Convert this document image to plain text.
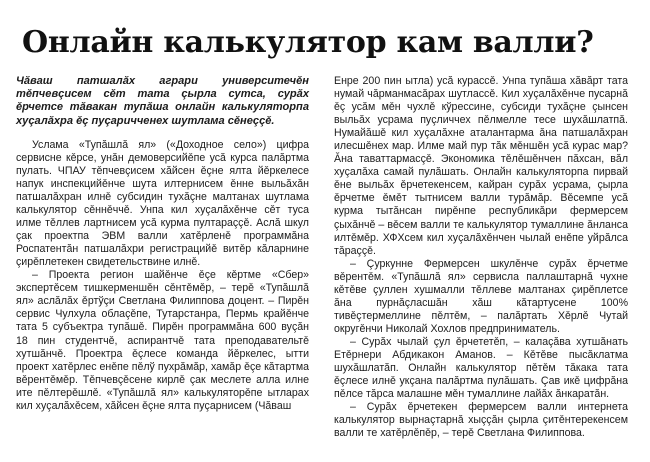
Онлайн калькулятор кам валли?

Чăваш патшалăх аграри университечěн тěпчевçисем сěт тата çырла сутса, сурăх ěрчетсе тăвакан тупăша онлайн калькуляторпа хуçалăхра ěç пуçаричченех шутлама сěнеççě.

Услама «Тупăшлă ял» («Доходное село») цифра сервисне кěрсе, унăн демоверсийěпе усă курса палăртма пулать. ЧПАУ тěпчевçисем хăйсен ěçне ялта йěркелесе напук инспекцийěнче шута илтернисем ěнне выльăхăн патшалăхран илнě субсидин тухăçне малтанах шутлама калькулятор сěннěччě. Унпа кил хуçалăхěнче сěт туса илме тěллев лартнисем усă курма пултараççě. Аслă шкул çак проектпа ЭВМ валли хатěрленě программăна Роспатентăн патшалăхри регистрацийě витěр кăларнине çирěплетекен свидетельствине илнě.

– Проекта регион шайěнче ěçе кěртме «Сбер» экспертěсем тишкерменшěн сěнтěмěр, – терě «Тупăшлă ял» аслăлăх ěртўçи Светлана Филиппова доцент. – Пирěн сервис Чулхула облаçěпе, Тутарстанра, Пермь крайěнче тата 5 субъектра тупăшě. Пирěн программăна 600 вуçăн 18 пин студентчě, аспирантчě тата преподавательтě хутшăнчě. Проектра ěçлесе команда йěркелес, ытти проект хатěрлес енěпе пěлў пухрăмăр, хамăр ěçе кăтартма вěрентěмěр. Тěпчевçěсене кирлě çак меслете алла илне ите пěлтерěшлě. «Тупăшлă ял» калькуляторěпе ытларах кил хуçалăхěсем, хăйсен ěçне ялта пуçарнисем (Чăваш

Енре 200 пин ытла) усă курассě. Унпа тупăша хăвăрт тата нумай чăрманмасăрах шутлассě. Кил хуçалăхěнче пусарнă ěç усăм мěн чухлě кўрессине, субсиди тухăçне çынсен выльăх усрама пуçличчех пěлмелле тесе шухăшлатпă. Нумайăшě кил хуçалăхне аталантарма ăна патшалăхран илесшěнех мар. Илме май пур тăк мěншěн усă курас мар? Ăна таваттармасçě. Экономика тěлěшěнчен пăхсан, вăл хуçалăха самай пулăшать. Онлайн калькуляторпа пирвай ěне выльăх ěрчетекенсем, кайран сурăх усрама, çырла ěрчетме ěмěт тытнисем валли турăмăр. Вěсемпе усă курма тытăнсан пирěнпе республикăри фермерсем çыхăнчě – вěсем валли те калькулятор тумаллине ăнланса илтěмěр. ХФХсем кил хуçалăхěнчен чылай енěпе уйрăлса тăраççě.

– Çуркунне Фермерсен шкулěнче сурăх ěрчетме вěрентěм. «Тупăшлă ял» сервисла паллаштарнă чухне кěтěве çуллен хушмалли тěллеве малтанах çирěплетсе ăна пурнăçласшăн хăш кăтартусене 100% тивěçтермеллине пěлтěм, – палăртать Хěрлě Чутай округěнчи Николай Хохлов предприниматель.

– Сурăх чылай çул ěрчететěп, – калаçăва хутшăнать Етěрнери Абдикакон Аманов. – Кěтěве пысăклатма шухăшлатăп. Онлайн калькулятор пěтěм тăкака тата ěçлесе илнě укçана палăртма пулăшать. Çав икě цифрăна пěлсе тăрса малашне мěн тумаллине лайăх ăнкаратăн.

– Сурăх ěрчетекен фермерсем валли интернета калькулятор вырнаçтарнă хыççăн çырла çитěнтерекенсем валли те хатěрлěпěр, – терě Светлана Филиппова.
